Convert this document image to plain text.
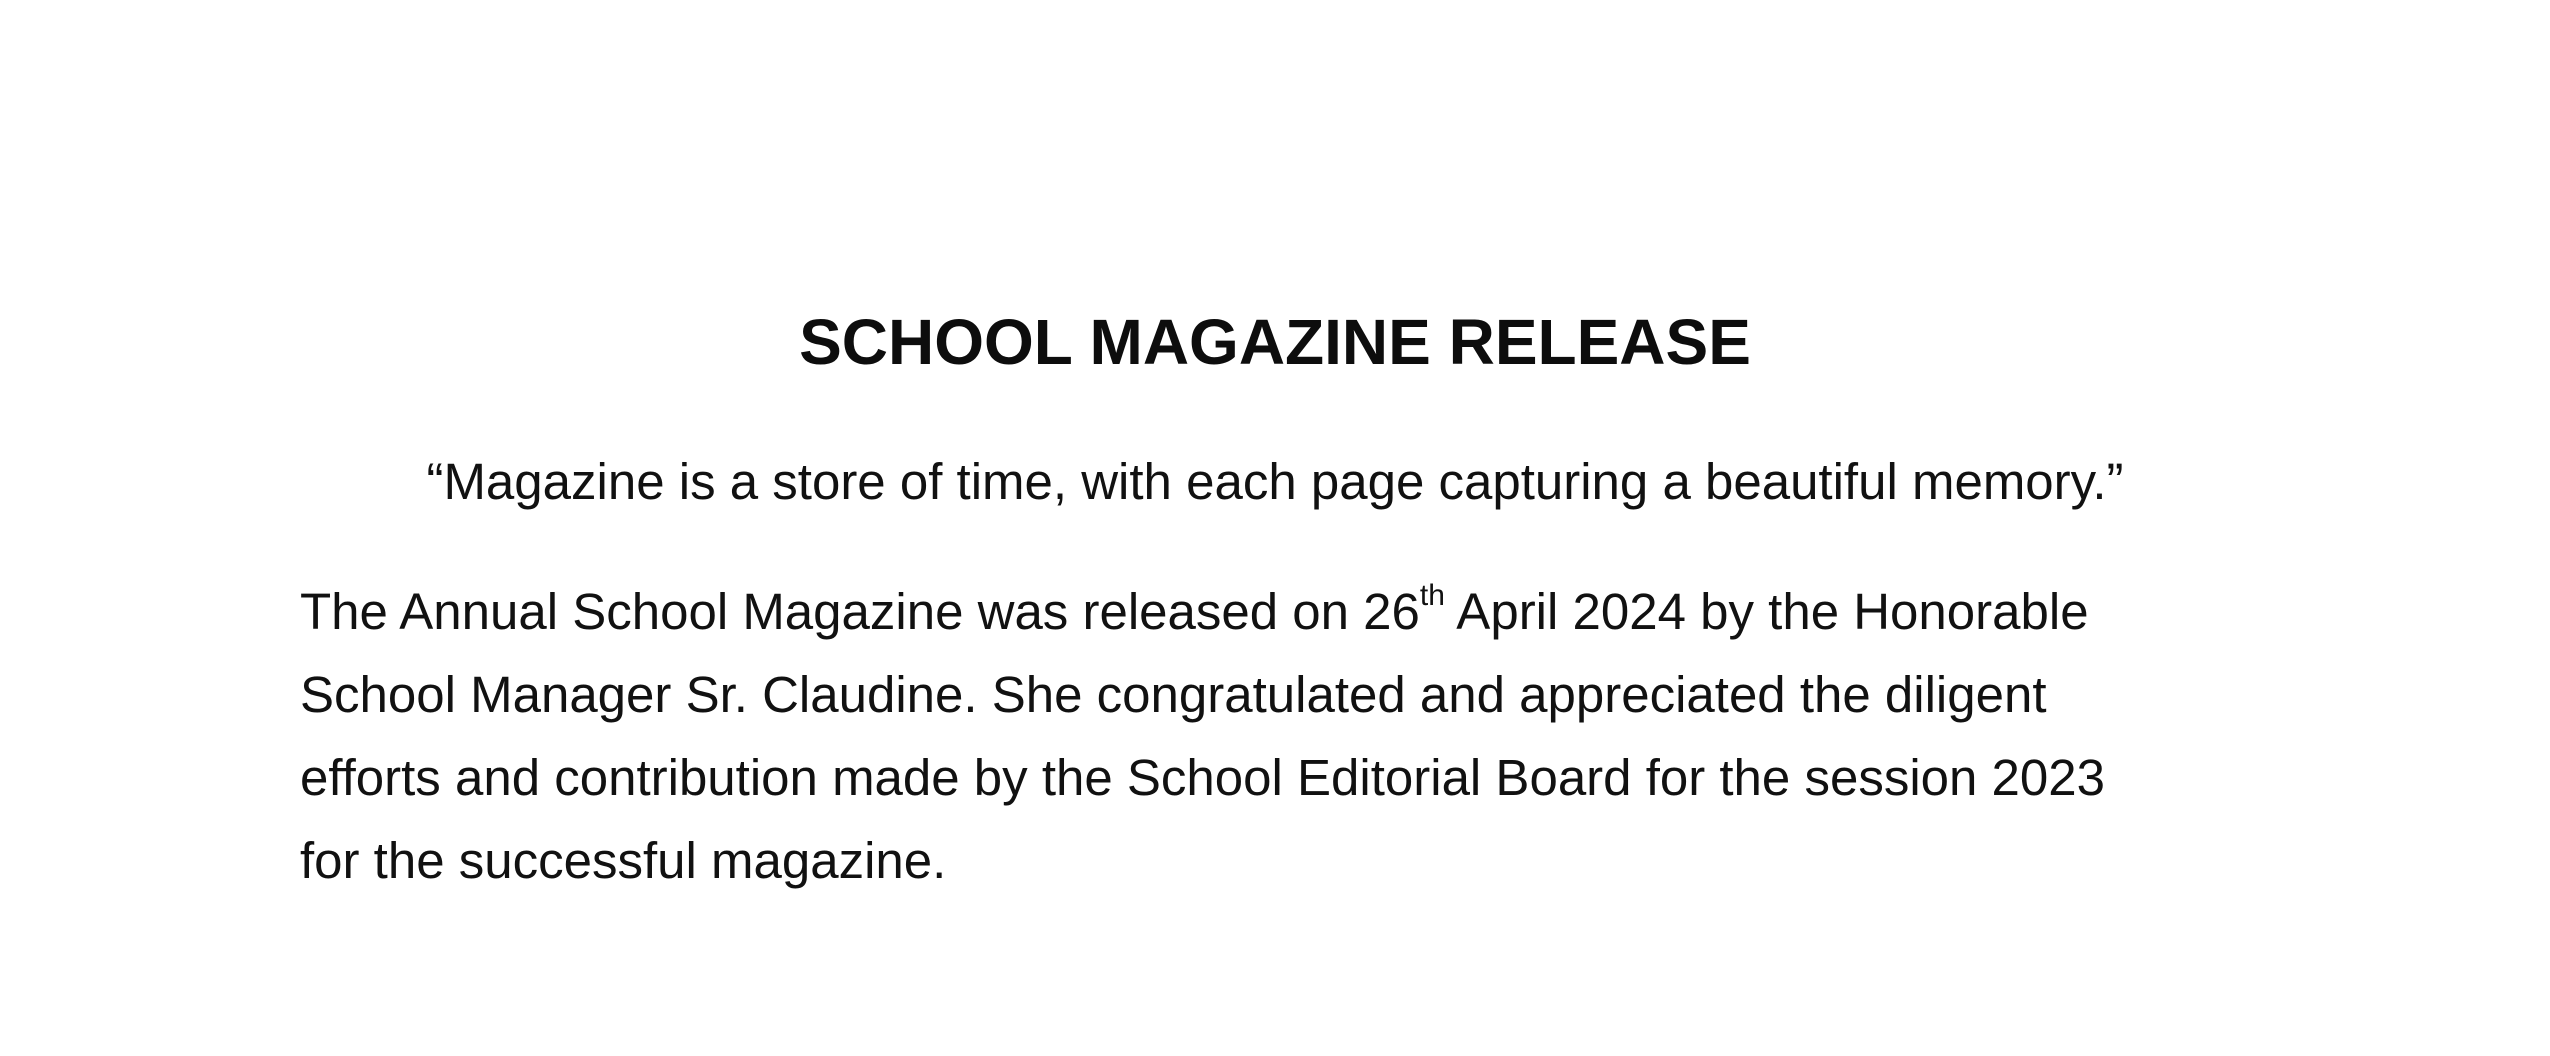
SCHOOL MAGAZINE RELEASE

“Magazine is a store of time, with each page capturing a beautiful memory.”

The Annual School Magazine was released on 26th April 2024 by the Honorable
School Manager Sr. Claudine. She congratulated and appreciated the diligent
efforts and contribution made by the School Editorial Board for the session 2023
for the successful magazine.
